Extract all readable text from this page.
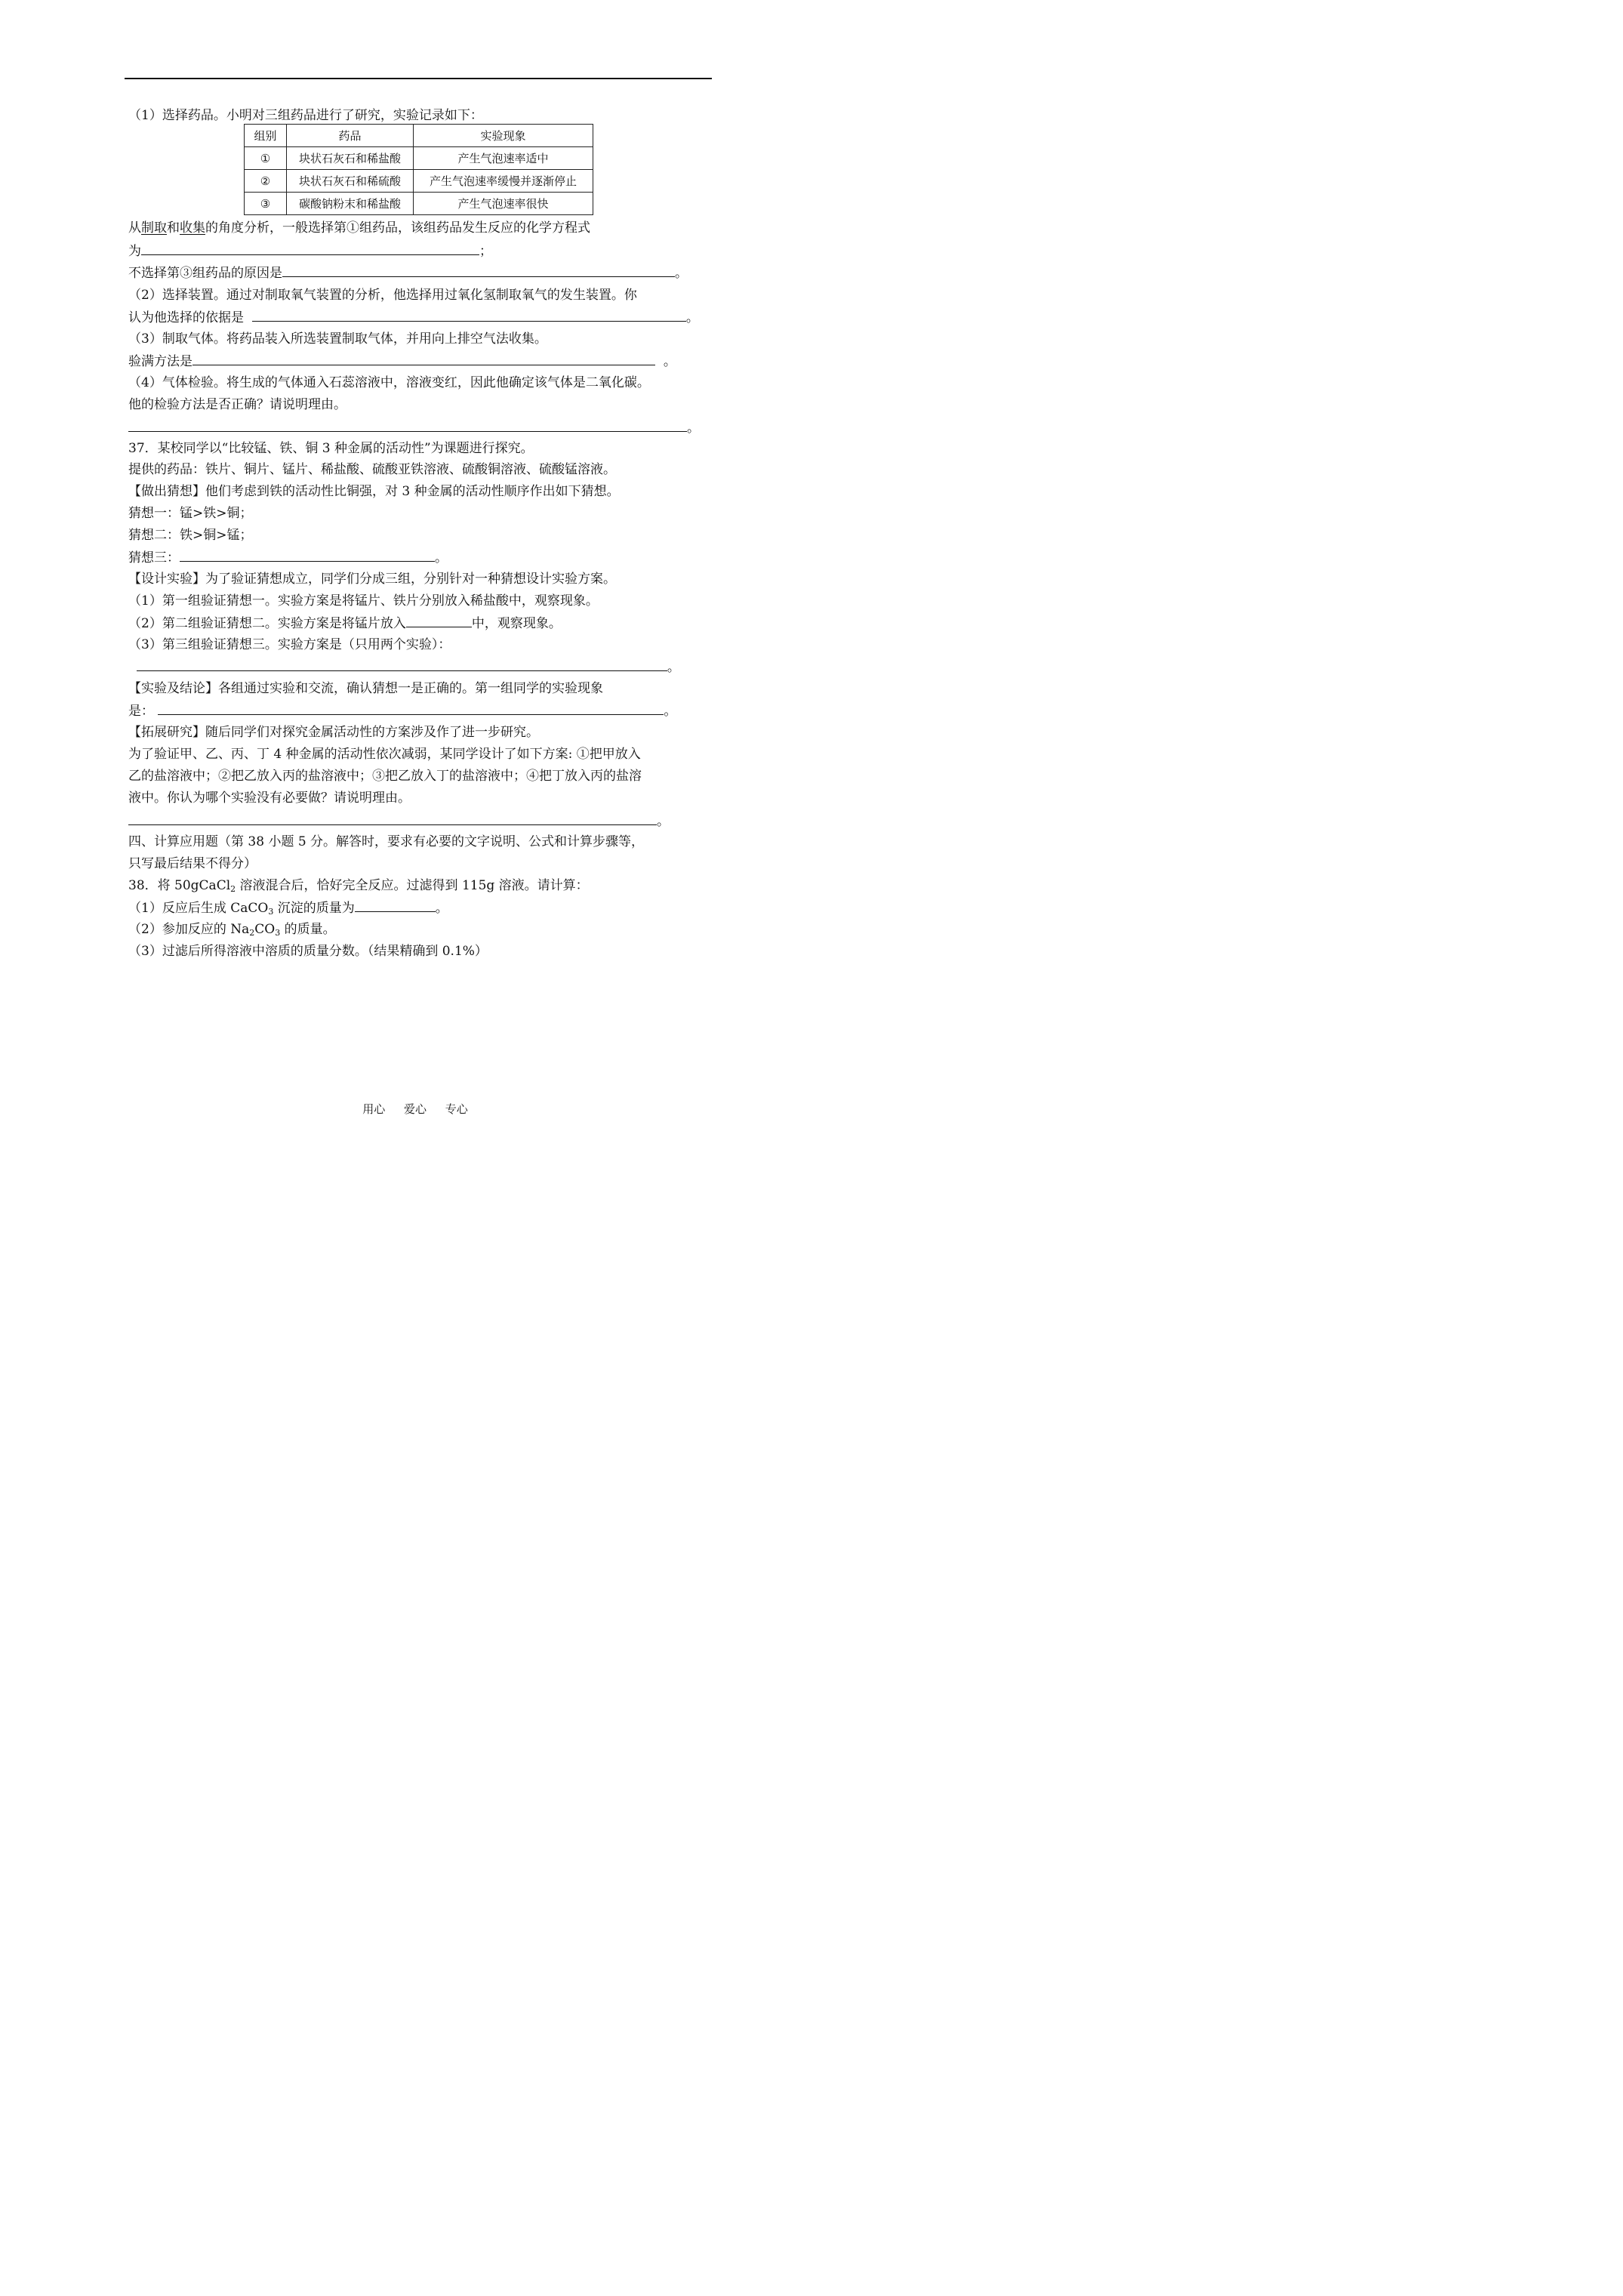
（1）选择药品。小明对三组药品进行了研究，实验记录如下：
组别	药品	实验现象
①	块状石灰石和稀盐酸	产生气泡速率适中
②	块状石灰石和稀硫酸	产生气泡速率缓慢并逐渐停止
③	碳酸钠粉末和稀盐酸	产生气泡速率很快
从制取和收集的角度分析，一般选择第①组药品，该组药品发生反应的化学方程式
为	；
不选择第③组药品的原因是	。
（2）选择装置。通过对制取氧气装置的分析，他选择用过氧化氢制取氧气的发生装置。你
认为他选择的依据是	。
（3）制取气体。将药品装入所选装置制取气体，并用向上排空气法收集。
验满方法是	。
（4）气体检验。将生成的气体通入石蕊溶液中，溶液变红，因此他确定该气体是二氧化碳。
他的检验方法是否正确？请说明理由。
。
37．某校同学以“比较锰、铁、铜 3 种金属的活动性”为课题进行探究。
提供的药品：铁片、铜片、锰片、稀盐酸、硫酸亚铁溶液、硫酸铜溶液、硫酸锰溶液。
【做出猜想】他们考虑到铁的活动性比铜强，对 3 种金属的活动性顺序作出如下猜想。
猜想一：锰>铁>铜；
猜想二：铁>铜>锰；
猜想三：	。
【设计实验】为了验证猜想成立，同学们分成三组，分别针对一种猜想设计实验方案。
（1）第一组验证猜想一。实验方案是将锰片、铁片分别放入稀盐酸中，观察现象。
（2）第二组验证猜想二。实验方案是将锰片放入	中，观察现象。
（3）第三组验证猜想三。实验方案是（只用两个实验）：
。
【实验及结论】各组通过实验和交流，确认猜想一是正确的。第一组同学的实验现象
是：	。
【拓展研究】随后同学们对探究金属活动性的方案涉及作了进一步研究。
为了验证甲、乙、丙、丁 4 种金属的活动性依次减弱，某同学设计了如下方案: ①把甲放入
乙的盐溶液中；②把乙放入丙的盐溶液中；③把乙放入丁的盐溶液中；④把丁放入丙的盐溶
液中。你认为哪个实验没有必要做？请说明理由。
。
四、计算应用题（第 38 小题 5 分。解答时，要求有必要的文字说明、公式和计算步骤等，
只写最后结果不得分）
38．将 50gCaCl$_2$ 溶液混合后，恰好完全反应。过滤得到 115g 溶液。请计算：
（1）反应后生成 CaCO$_3$ 沉淀的质量为	。
（2）参加反应的 $Na_2CO_3$ 的质量。
（3）过滤后所得溶液中溶质的质量分数。（结果精确到 0.1%）
用心 爱心 专心
